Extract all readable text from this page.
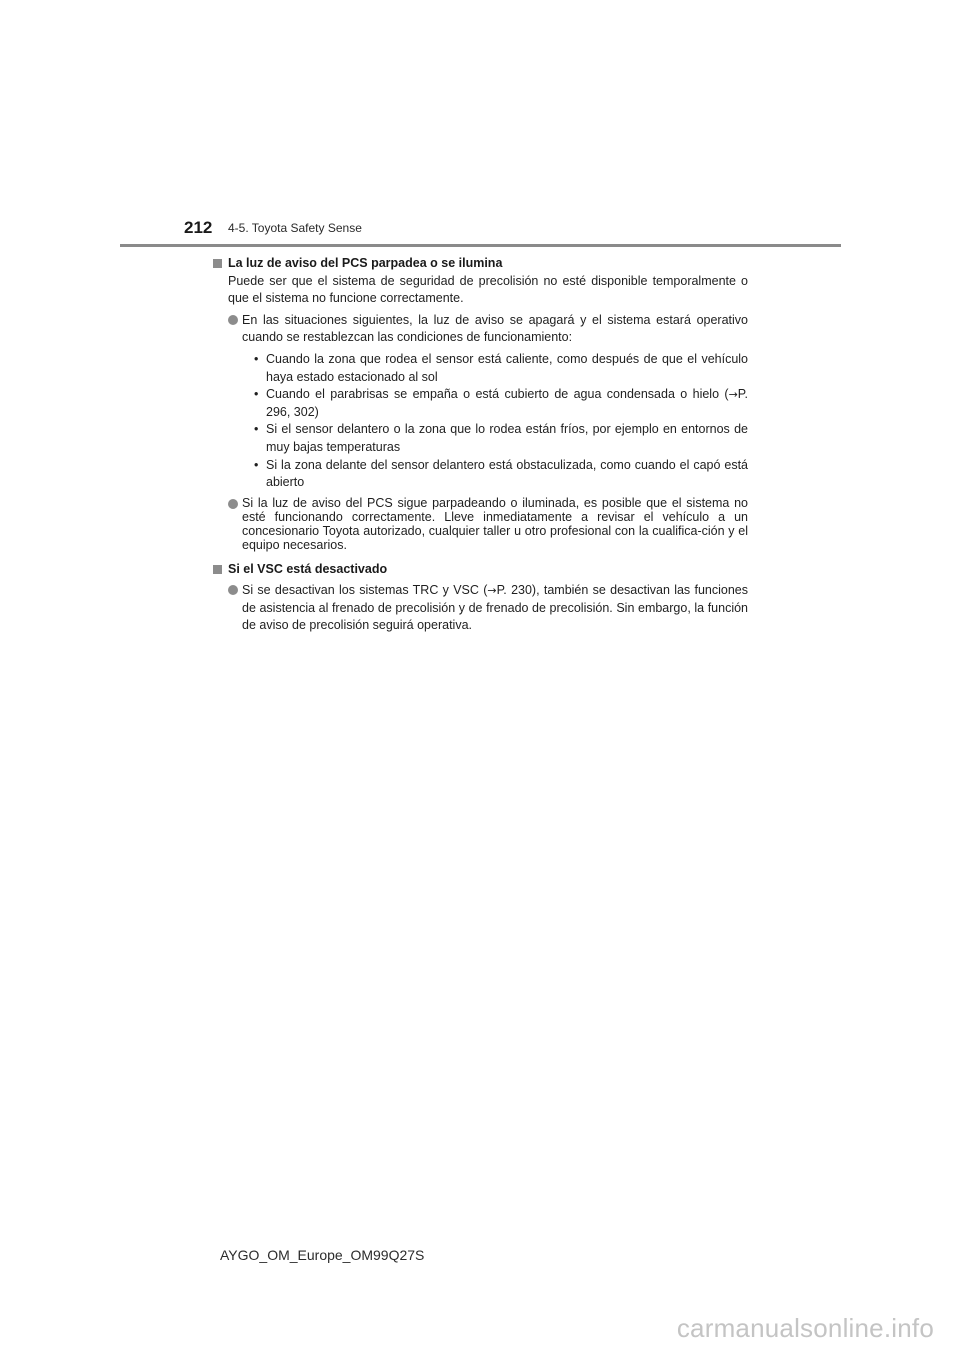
212 4-5. Toyota Safety Sense
La luz de aviso del PCS parpadea o se ilumina

Puede ser que el sistema de seguridad de precolisión no esté disponible temporalmente o que el sistema no funcione correctamente.

En las situaciones siguientes, la luz de aviso se apagará y el sistema estará operativo cuando se restablezcan las condiciones de funcionamiento:

• Cuando la zona que rodea el sensor está caliente, como después de que el vehículo haya estado estacionado al sol
• Cuando el parabrisas se empaña o está cubierto de agua condensada o hielo (→P. 296, 302)
• Si el sensor delantero o la zona que lo rodea están fríos, por ejemplo en entornos de muy bajas temperaturas
• Si la zona delante del sensor delantero está obstaculizada, como cuando el capó está abierto

Si la luz de aviso del PCS sigue parpadeando o iluminada, es posible que el sistema no esté funcionando correctamente. Lleve inmediatamente a revisar el vehículo a un concesionario Toyota autorizado, cualquier taller u otro profesional con la cualifica-ción y el equipo necesarios.

Si el VSC está desactivado

Si se desactivan los sistemas TRC y VSC (→P. 230), también se desactivan las funciones de asistencia al frenado de precolisión y de frenado de precolisión. Sin embargo, la función de aviso de precolisión seguirá operativa.

AYGO_OM_Europe_OM99Q27S
carmanualsonline.info
